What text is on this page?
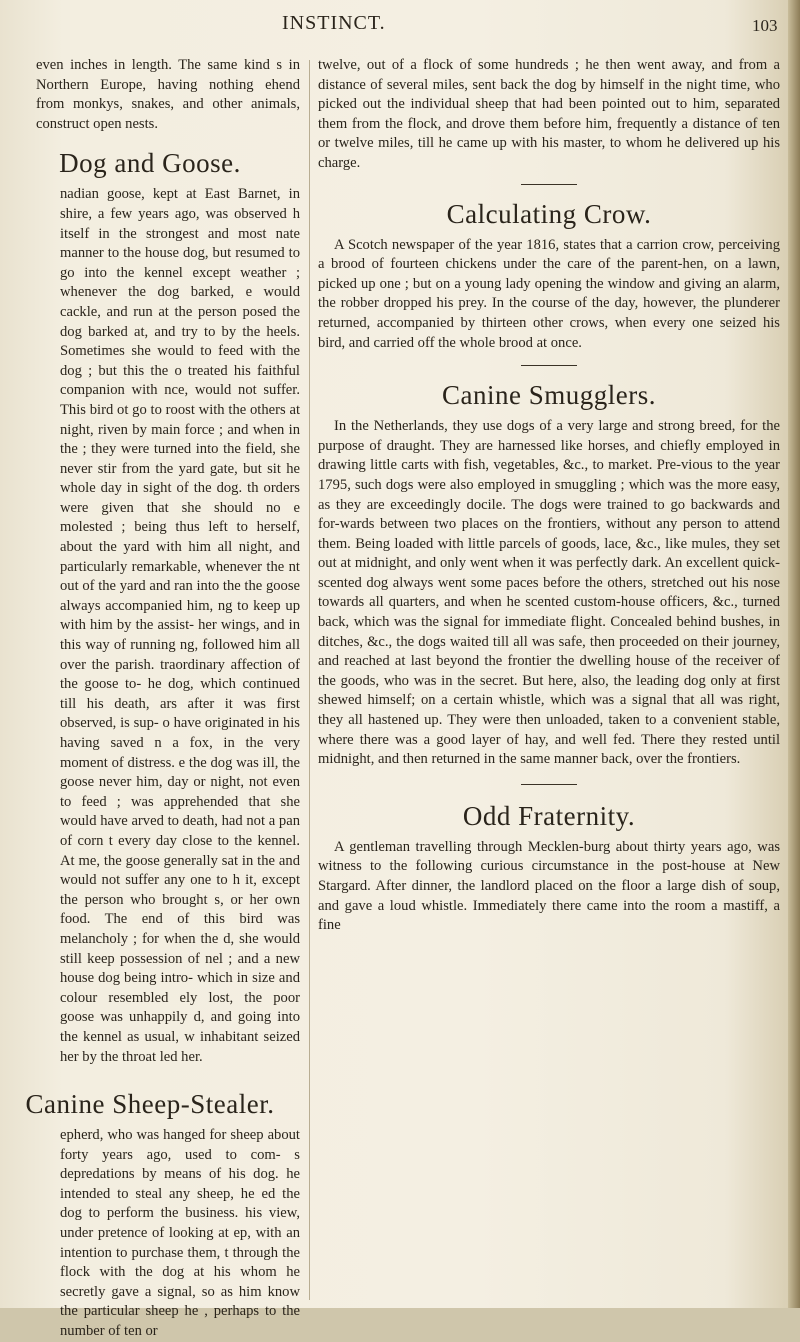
INSTINCT.	103

even inches in length. The same kind s in Northern Europe, having nothing ehend from monkys, snakes, and other animals, construct open nests.

Dog and Goose.

nadian goose, kept at East Barnet, in shire, a few years ago, was observed h itself in the strongest and most nate manner to the house dog, but resumed to go into the kennel except weather ; whenever the dog barked, e would cackle, and run at the person posed the dog barked at, and try to by the heels. Sometimes she would to feed with the dog ; but this the o treated his faithful companion with nce, would not suffer. This bird ot go to roost with the others at night, riven by main force ; and when in the ; they were turned into the field, she never stir from the yard gate, but sit he whole day in sight of the dog. th orders were given that she should no e molested ; being thus left to herself, about the yard with him all night, and particularly remarkable, whenever the nt out of the yard and ran into the the goose always accompanied him, ng to keep up with him by the assist- her wings, and in this way of running ng, followed him all over the parish. traordinary affection of the goose to- he dog, which continued till his death, ars after it was first observed, is sup- o have originated in his having saved n a fox, in the very moment of distress. e the dog was ill, the goose never him, day or night, not even to feed ; was apprehended that she would have arved to death, had not a pan of corn t every day close to the kennel. At me, the goose generally sat in the and would not suffer any one to h it, except the person who brought s, or her own food. The end of this bird was melancholy ; for when the d, she would still keep possession of nel ; and a new house dog being intro- which in size and colour resembled ely lost, the poor goose was unhappily d, and going into the kennel as usual, w inhabitant seized her by the throat led her.

Canine Sheep-Stealer.

epherd, who was hanged for sheep about forty years ago, used to com- s depredations by means of his dog. he intended to steal any sheep, he ed the dog to perform the business. his view, under pretence of looking at ep, with an intention to purchase them, t through the flock with the dog at his whom he secretly gave a signal, so as him know the particular sheep he , perhaps to the number of ten or

twelve, out of a flock of some hundreds ; he then went away, and from a distance of several miles, sent back the dog by himself in the night time, who picked out the individual sheep that had been pointed out to him, separated them from the flock, and drove them before him, frequently a distance of ten or twelve miles, till he came up with his master, to whom he delivered up his charge.

Calculating Crow.

A Scotch newspaper of the year 1816, states that a carrion crow, perceiving a brood of fourteen chickens under the care of the parent-hen, on a lawn, picked up one ; but on a young lady opening the window and giving an alarm, the robber dropped his prey. In the course of the day, however, the plunderer returned, accompanied by thirteen other crows, when every one seized his bird, and carried off the whole brood at once.

Canine Smugglers.

In the Netherlands, they use dogs of a very large and strong breed, for the purpose of draught. They are harnessed like horses, and chiefly employed in drawing little carts with fish, vegetables, &c., to market. Pre-vious to the year 1795, such dogs were also employed in smuggling ; which was the more easy, as they are exceedingly docile. The dogs were trained to go backwards and for-wards between two places on the frontiers, without any person to attend them. Being loaded with little parcels of goods, lace, &c., like mules, they set out at midnight, and only went when it was perfectly dark. An excellent quick-scented dog always went some paces before the others, stretched out his nose towards all quarters, and when he scented custom-house officers, &c., turned back, which was the signal for immediate flight. Concealed behind bushes, in ditches, &c., the dogs waited till all was safe, then proceeded on their journey, and reached at last beyond the frontier the dwelling house of the receiver of the goods, who was in the secret. But here, also, the leading dog only at first shewed himself; on a certain whistle, which was a signal that all was right, they all hastened up. They were then unloaded, taken to a convenient stable, where there was a good layer of hay, and well fed. There they rested until midnight, and then returned in the same manner back, over the frontiers.

Odd Fraternity.

A gentleman travelling through Mecklen-burg about thirty years ago, was witness to the following curious circumstance in the post-house at New Stargard. After dinner, the landlord placed on the floor a large dish of soup, and gave a loud whistle. Immediately there came into the room a mastiff, a fine
